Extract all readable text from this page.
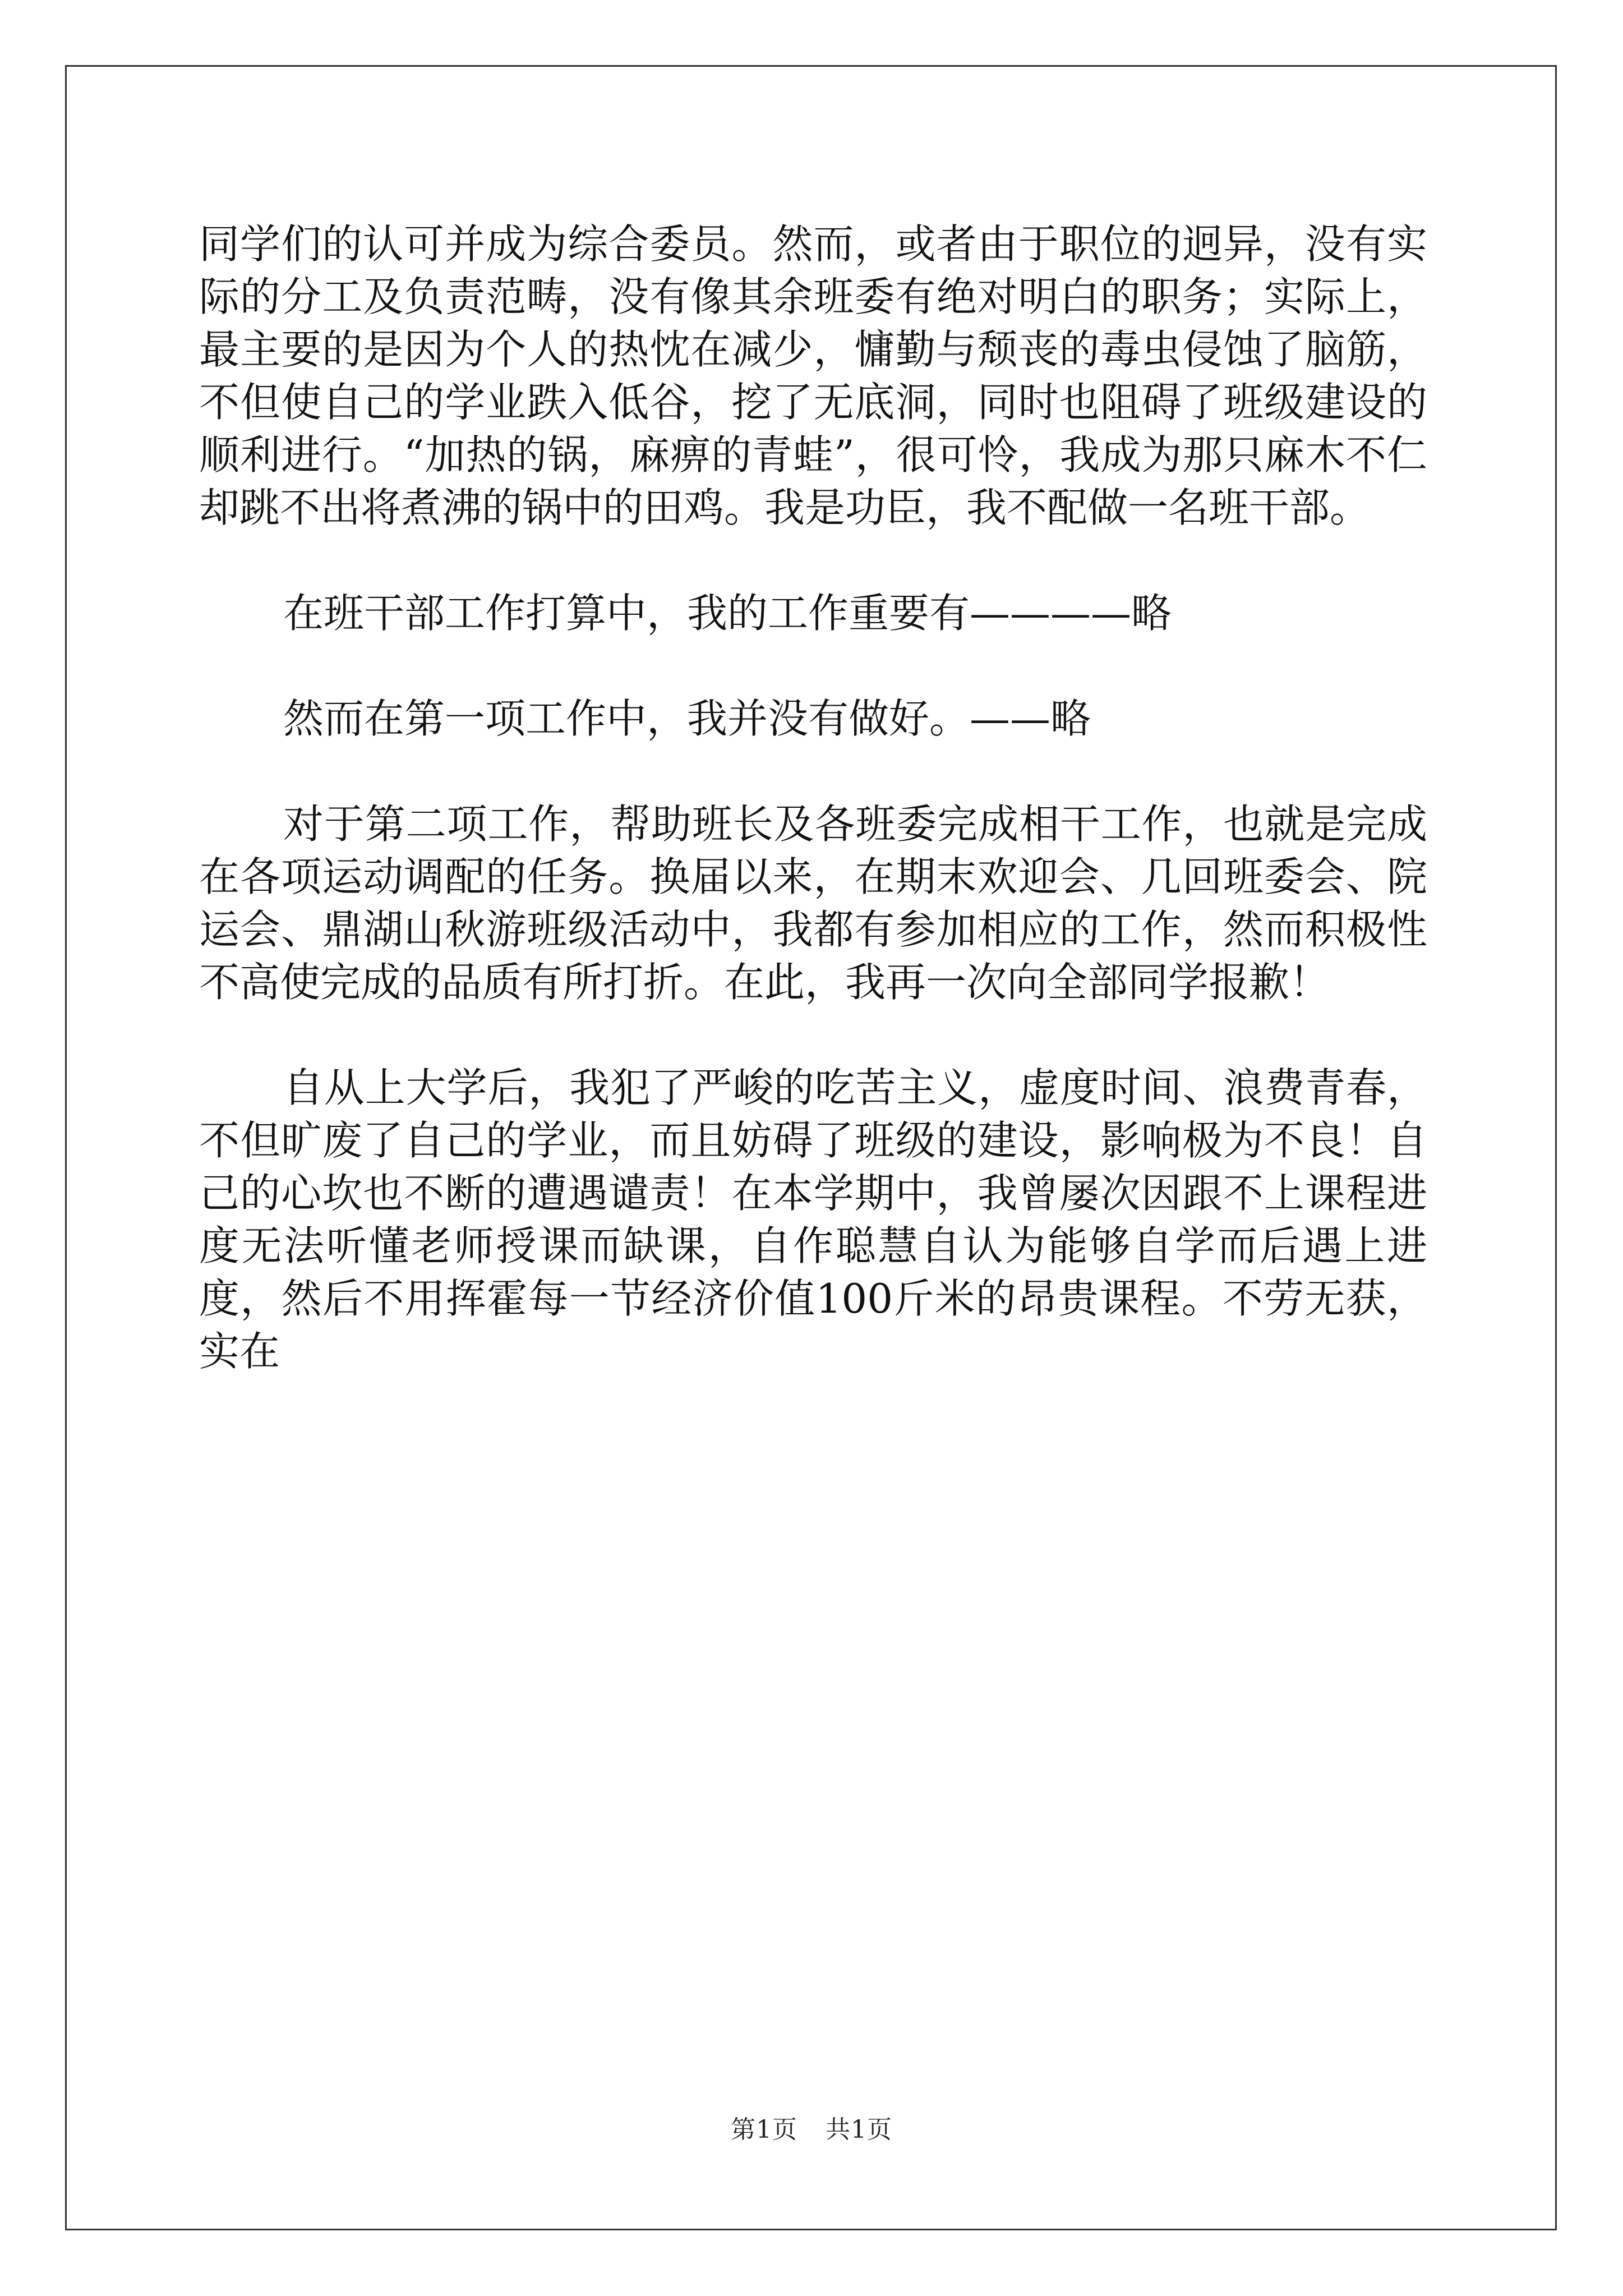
同学们的认可并成为综合委员。然而，或者由于职位的迥异，没有实际的分工及负责范畴，没有像其余班委有绝对明白的职务；实际上，最主要的是因为个人的热忱在减少，慵勤与颓丧的毒虫侵蚀了脑筋，不但使自己的学业跌入低谷，挖了无底洞，同时也阻碍了班级建设的顺利进行。“加热的锅，麻痹的青蛙”，很可怜，我成为那只麻木不仁却跳不出将煮沸的锅中的田鸡。我是功臣，我不配做一名班干部。

在班干部工作打算中，我的工作重要有————略

然而在第一项工作中，我并没有做好。——略

对于第二项工作，帮助班长及各班委完成相干工作，也就是完成在各项运动调配的任务。换届以来，在期末欢迎会、几回班委会、院运会、鼎湖山秋游班级活动中，我都有参加相应的工作，然而积极性不高使完成的品质有所打折。在此，我再一次向全部同学报歉！

自从上大学后，我犯了严峻的吃苦主义，虚度时间、浪费青春，不但旷废了自己的学业，而且妨碍了班级的建设，影响极为不良！自己的心坎也不断的遭遇谴责！在本学期中，我曾屡次因跟不上课程进度无法听懂老师授课而缺课，自作聪慧自认为能够自学而后遇上进度，然后不用挥霍每一节经济价值100斤米的昂贵课程。不劳无获，实在

第1页 共1页
